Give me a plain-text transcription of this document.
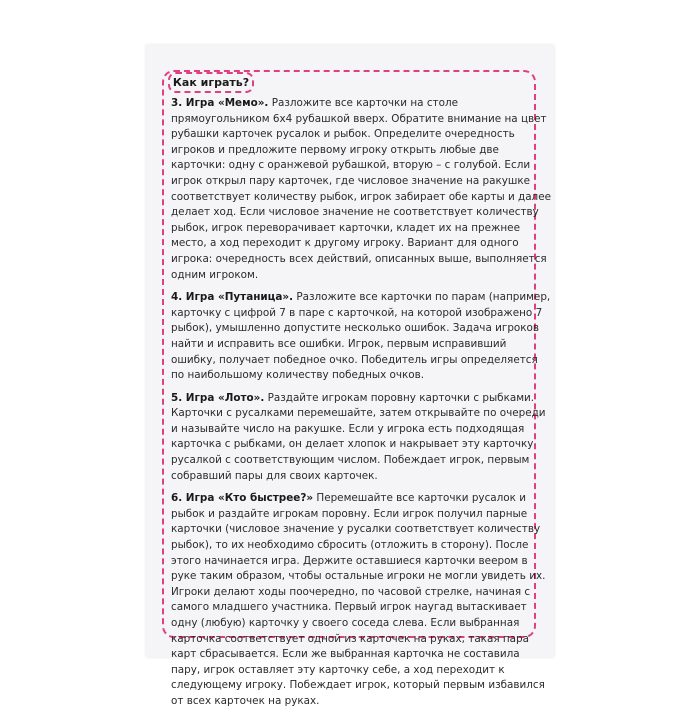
Как играть?

3. Игра «Мемо». Разложите все карточки на столе прямоугольником 6х4 рубашкой вверх. Обратите внимание на цвет рубашки карточек русалок и рыбок. Определите очередность игроков и предложите первому игроку открыть любые две карточки: одну с оранжевой рубашкой, вторую – с голубой. Если игрок открыл пару карточек, где числовое значение на ракушке соответствует количеству рыбок, игрок забирает обе карты и далее делает ход. Если числовое значение не соответствует количеству рыбок, игрок переворачивает карточки, кладет их на прежнее место, а ход переходит к другому игроку. Вариант для одного игрока: очередность всех действий, описанных выше, выполняется одним игроком.

4. Игра «Путаница». Разложите все карточки по парам (например, карточку с цифрой 7 в паре с карточкой, на которой изображено 7 рыбок), умышленно допустите несколько ошибок. Задача игроков найти и исправить все ошибки. Игрок, первым исправивший ошибку, получает победное очко. Победитель игры определяется по наибольшому количеству победных очков.

5. Игра «Лото». Раздайте игрокам поровну карточки с рыбками. Карточки с русалками перемешайте, затем открывайте по очереди и называйте число на ракушке. Если у игрока есть подходящая карточка с рыбками, он делает хлопок и накрывает эту карточку русалкой с соответствующим числом. Побеждает игрок, первым собравший пары для своих карточек.

6. Игра «Кто быстрее?» Перемешайте все карточки русалок и рыбок и раздайте игрокам поровну. Если игрок получил парные карточки (числовое значение у русалки соответствует количеству рыбок), то их необходимо сбросить (отложить в сторону). После этого начинается игра. Держите оставшиеся карточки веером в руке таким образом, чтобы остальные игроки не могли увидеть их. Игроки делают ходы поочередно, по часовой стрелке, начиная с самого младшего участника. Первый игрок наугад вытаскивает одну (любую) карточку у своего соседа слева. Если выбранная карточка соответствует одной из карточек на руках, такая пара карт сбрасывается. Если же выбранная карточка не составила пару, игрок оставляет эту карточку себе, а ход переходит к следующему игроку. Побеждает игрок, который первым избавился от всех карточек на руках.
